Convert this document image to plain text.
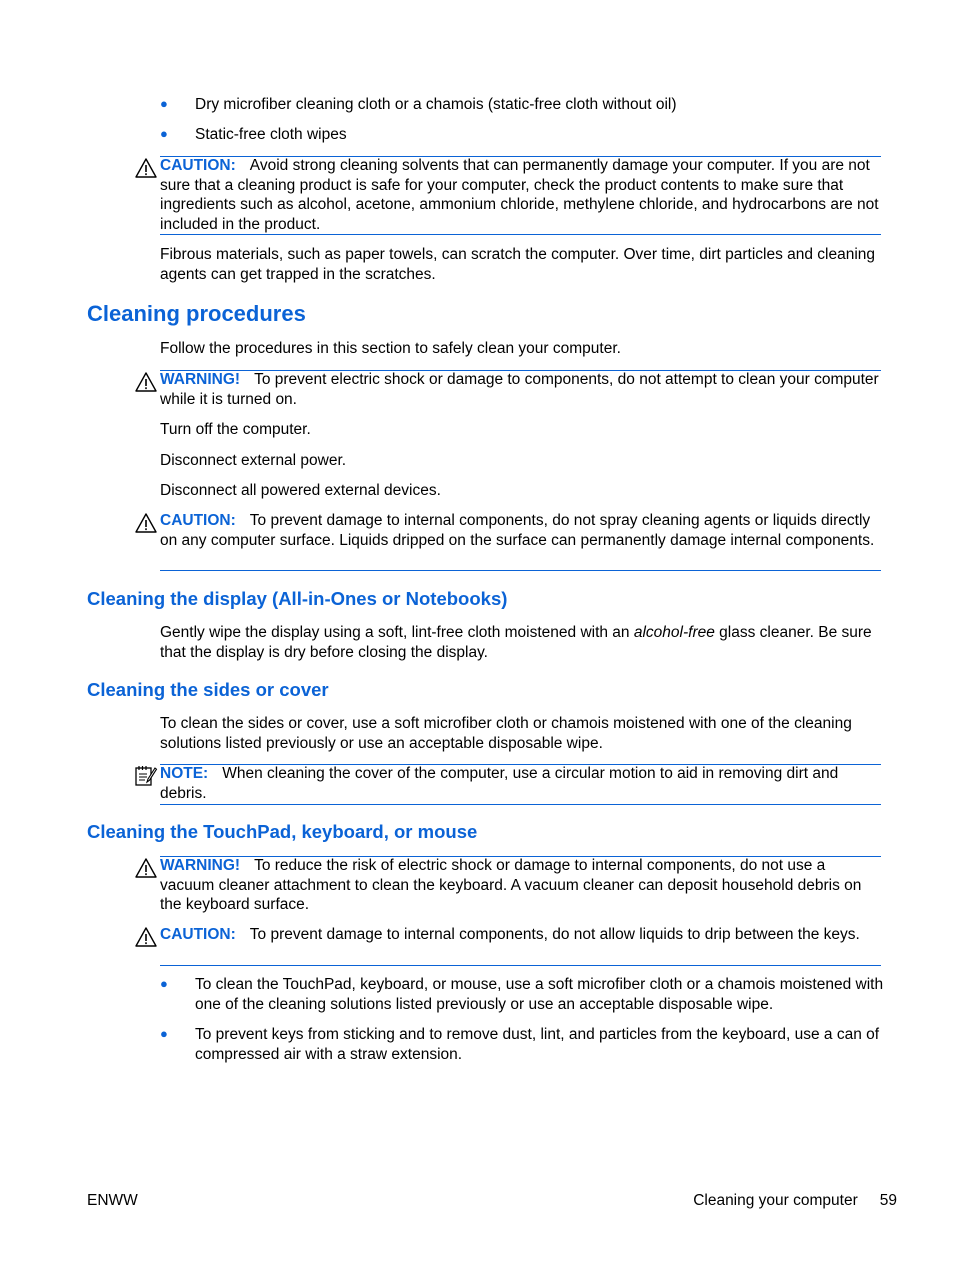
● Dry microfiber cleaning cloth or a chamois (static-free cloth without oil)
● Static-free cloth wipes
CAUTION: Avoid strong cleaning solvents that can permanently damage your computer. If you are not sure that a cleaning product is safe for your computer, check the product contents to make sure that ingredients such as alcohol, acetone, ammonium chloride, methylene chloride, and hydrocarbons are not included in the product.
Fibrous materials, such as paper towels, can scratch the computer. Over time, dirt particles and cleaning agents can get trapped in the scratches.
Cleaning procedures
Follow the procedures in this section to safely clean your computer.
WARNING! To prevent electric shock or damage to components, do not attempt to clean your computer while it is turned on.
Turn off the computer.
Disconnect external power.
Disconnect all powered external devices.
CAUTION: To prevent damage to internal components, do not spray cleaning agents or liquids directly on any computer surface. Liquids dripped on the surface can permanently damage internal components.
Cleaning the display (All-in-Ones or Notebooks)
Gently wipe the display using a soft, lint-free cloth moistened with an alcohol-free glass cleaner. Be sure that the display is dry before closing the display.
Cleaning the sides or cover
To clean the sides or cover, use a soft microfiber cloth or chamois moistened with one of the cleaning solutions listed previously or use an acceptable disposable wipe.
NOTE: When cleaning the cover of the computer, use a circular motion to aid in removing dirt and debris.
Cleaning the TouchPad, keyboard, or mouse
WARNING! To reduce the risk of electric shock or damage to internal components, do not use a vacuum cleaner attachment to clean the keyboard. A vacuum cleaner can deposit household debris on the keyboard surface.
CAUTION: To prevent damage to internal components, do not allow liquids to drip between the keys.
● To clean the TouchPad, keyboard, or mouse, use a soft microfiber cloth or a chamois moistened with one of the cleaning solutions listed previously or use an acceptable disposable wipe.
● To prevent keys from sticking and to remove dust, lint, and particles from the keyboard, use a can of compressed air with a straw extension.
ENWW	Cleaning your computer 59
